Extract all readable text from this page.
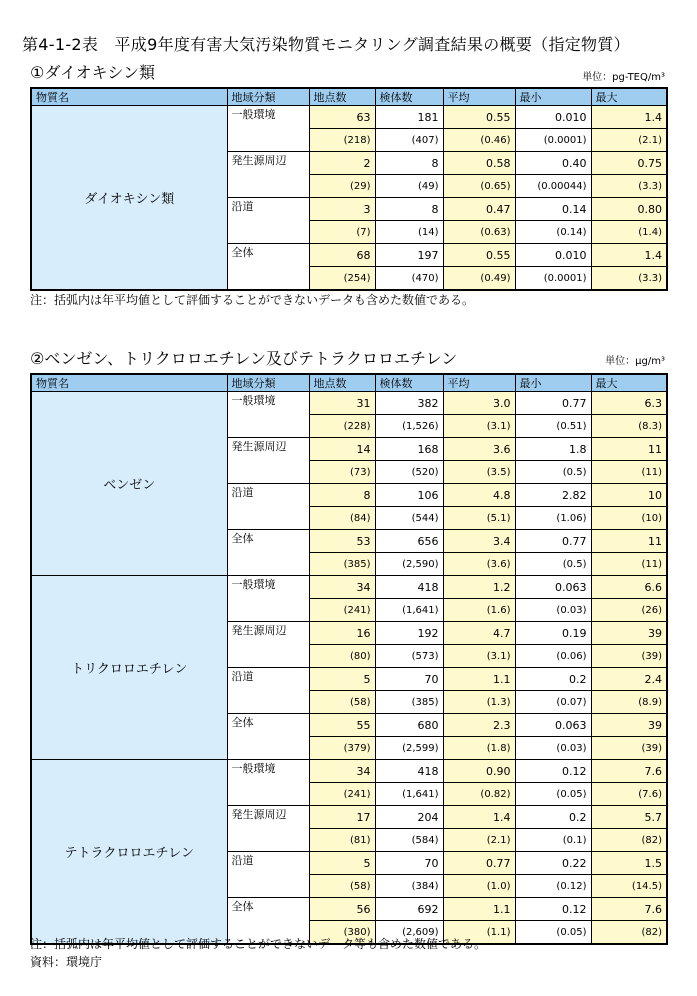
第4-1-2表　平成9年度有害大気汚染物質モニタリング調査結果の概要（指定物質）
①ダイオキシン類	単位：pg-TEQ/m³
物質名	地域分類	地点数	検体数	平均	最小	最大
ダイオキシン類	一般環境	63	181	0.55	0.010	1.4
		(218)	(407)	(0.46)	(0.0001)	(2.1)
	発生源周辺	2	8	0.58	0.40	0.75
		(29)	(49)	(0.65)	(0.00044)	(3.3)
	沿道	3	8	0.47	0.14	0.80
		(7)	(14)	(0.63)	(0.14)	(1.4)
	全体	68	197	0.55	0.010	1.4
		(254)	(470)	(0.49)	(0.0001)	(3.3)
注：括弧内は年平均値として評価することができないデータも含めた数値である。
②ベンゼン、トリクロロエチレン及びテトラクロロエチレン	単位：μg/m³
物質名	地域分類	地点数	検体数	平均	最小	最大
ベンゼン	一般環境	31	382	3.0	0.77	6.3
		(228)	(1,526)	(3.1)	(0.51)	(8.3)
	発生源周辺	14	168	3.6	1.8	11
		(73)	(520)	(3.5)	(0.5)	(11)
	沿道	8	106	4.8	2.82	10
		(84)	(544)	(5.1)	(1.06)	(10)
	全体	53	656	3.4	0.77	11
		(385)	(2,590)	(3.6)	(0.5)	(11)
トリクロロエチレン	一般環境	34	418	1.2	0.063	6.6
		(241)	(1,641)	(1.6)	(0.03)	(26)
	発生源周辺	16	192	4.7	0.19	39
		(80)	(573)	(3.1)	(0.06)	(39)
	沿道	5	70	1.1	0.2	2.4
		(58)	(385)	(1.3)	(0.07)	(8.9)
	全体	55	680	2.3	0.063	39
		(379)	(2,599)	(1.8)	(0.03)	(39)
テトラクロロエチレン	一般環境	34	418	0.90	0.12	7.6
		(241)	(1,641)	(0.82)	(0.05)	(7.6)
	発生源周辺	17	204	1.4	0.2	5.7
		(81)	(584)	(2.1)	(0.1)	(82)
	沿道	5	70	0.77	0.22	1.5
		(58)	(384)	(1.0)	(0.12)	(14.5)
	全体	56	692	1.1	0.12	7.6
		(380)	(2,609)	(1.1)	(0.05)	(82)
注：括弧内は年平均値として評価することができないデータ等も含めた数値である。
資料：環境庁
